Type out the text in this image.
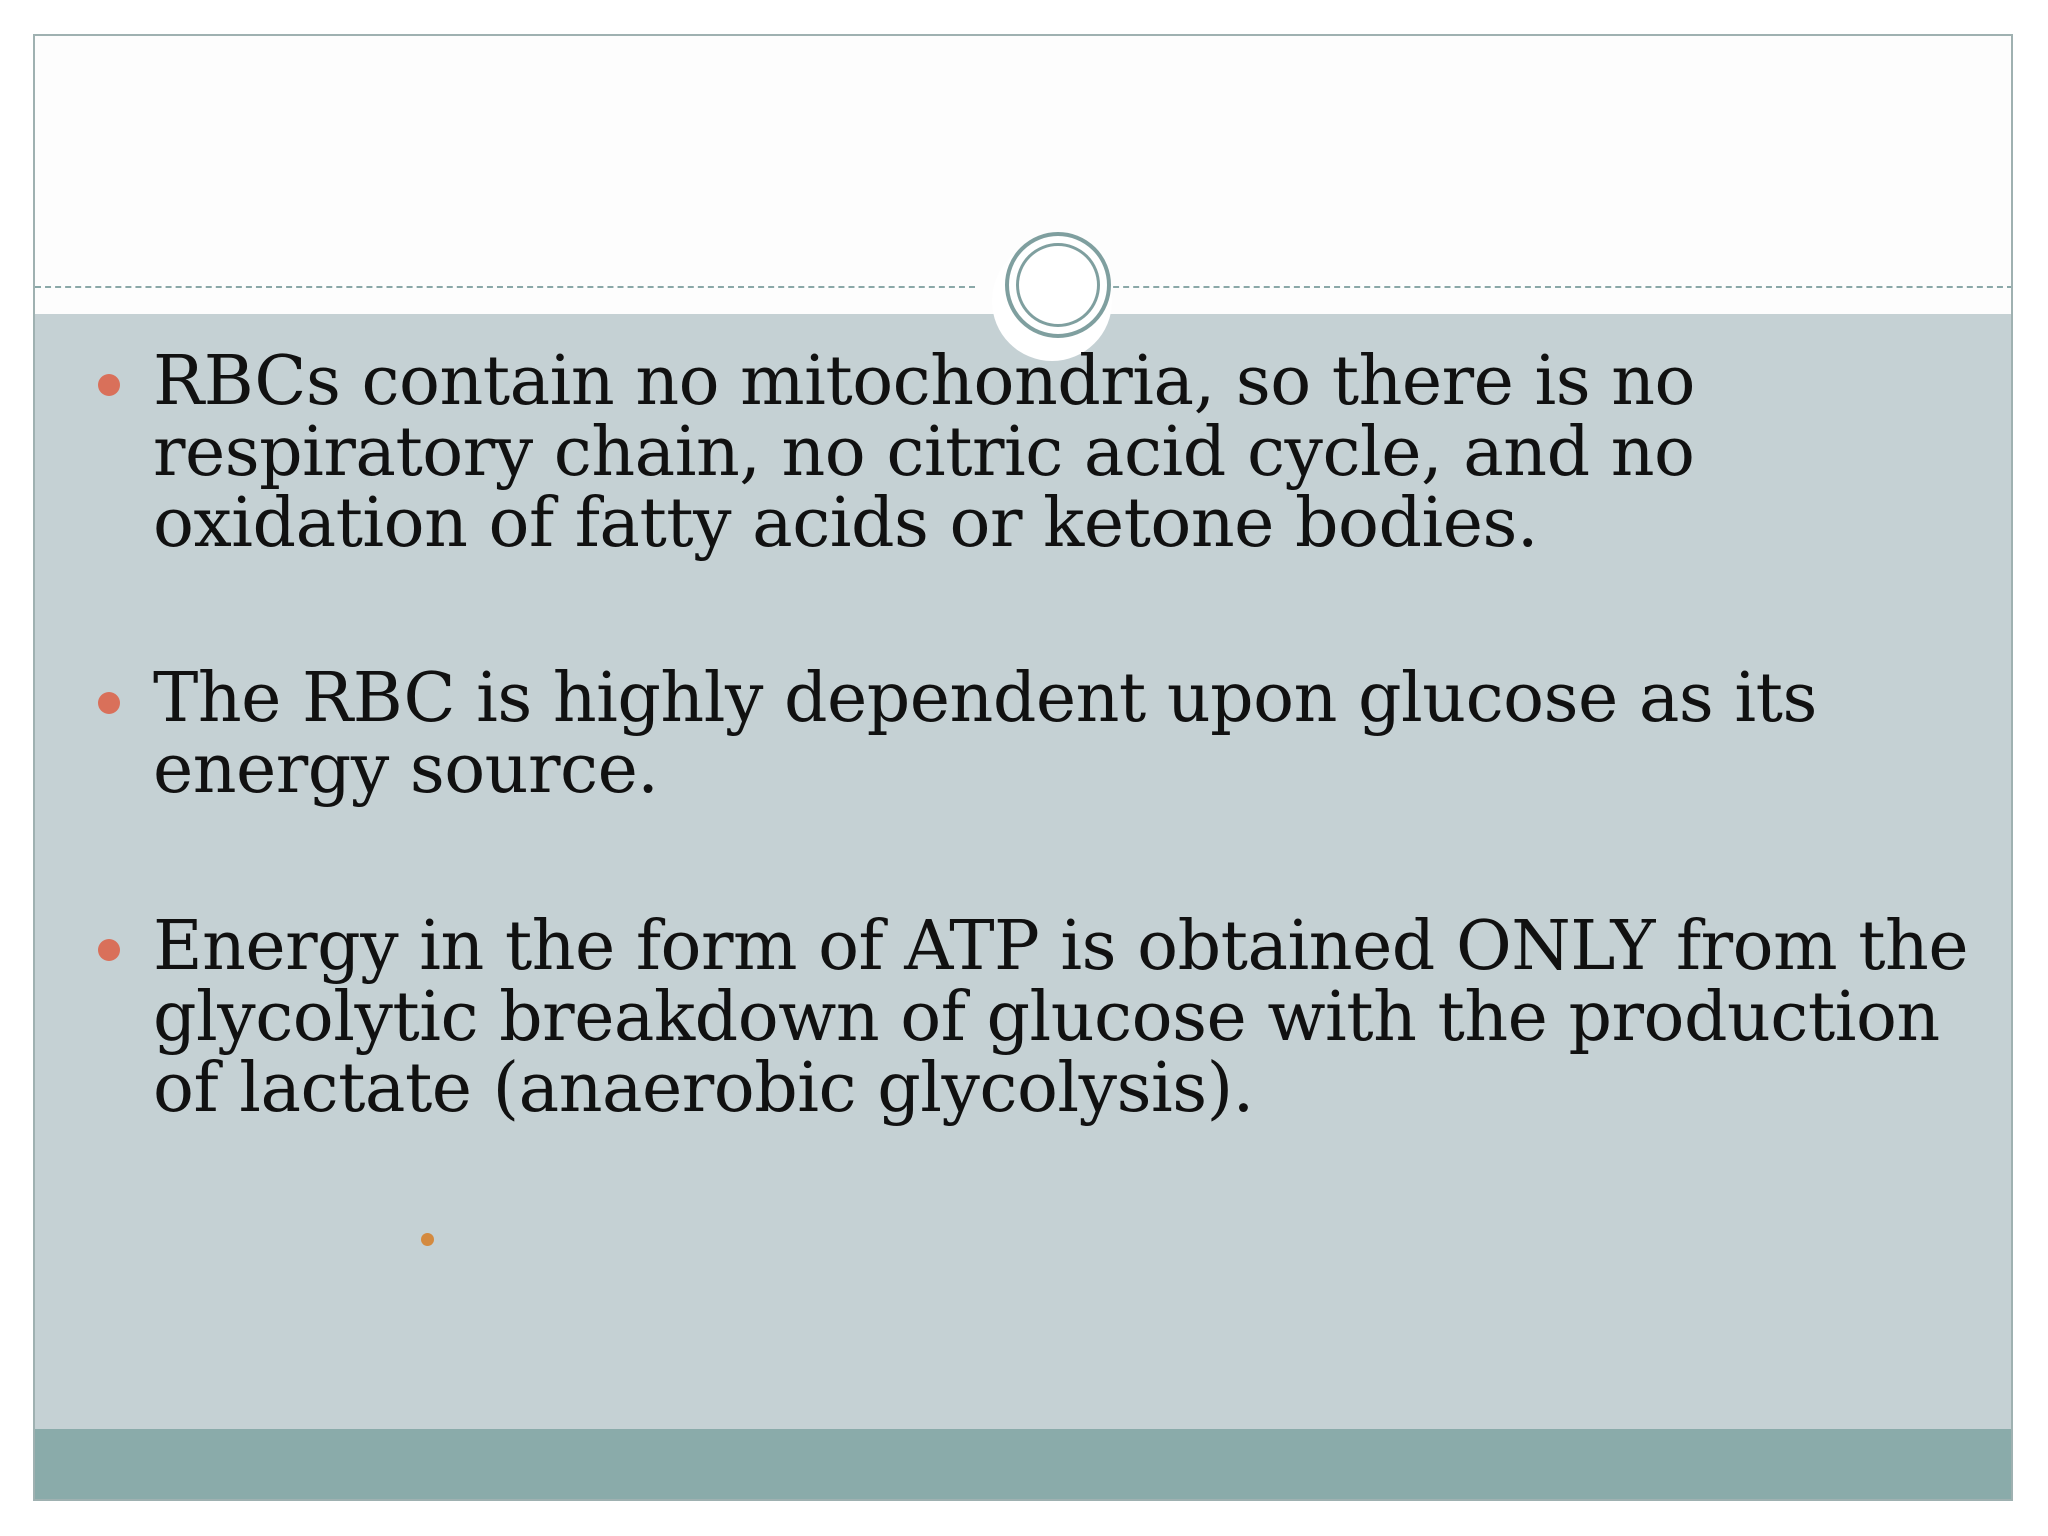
RBCs contain no mitochondria, so there is no respiratory chain, no citric acid cycle, and no oxidation of fatty acids or ketone bodies.
The RBC is highly dependent upon glucose as its energy source.
Energy in the form of ATP is obtained ONLY from the glycolytic breakdown of glucose with the production of lactate (anaerobic glycolysis).
